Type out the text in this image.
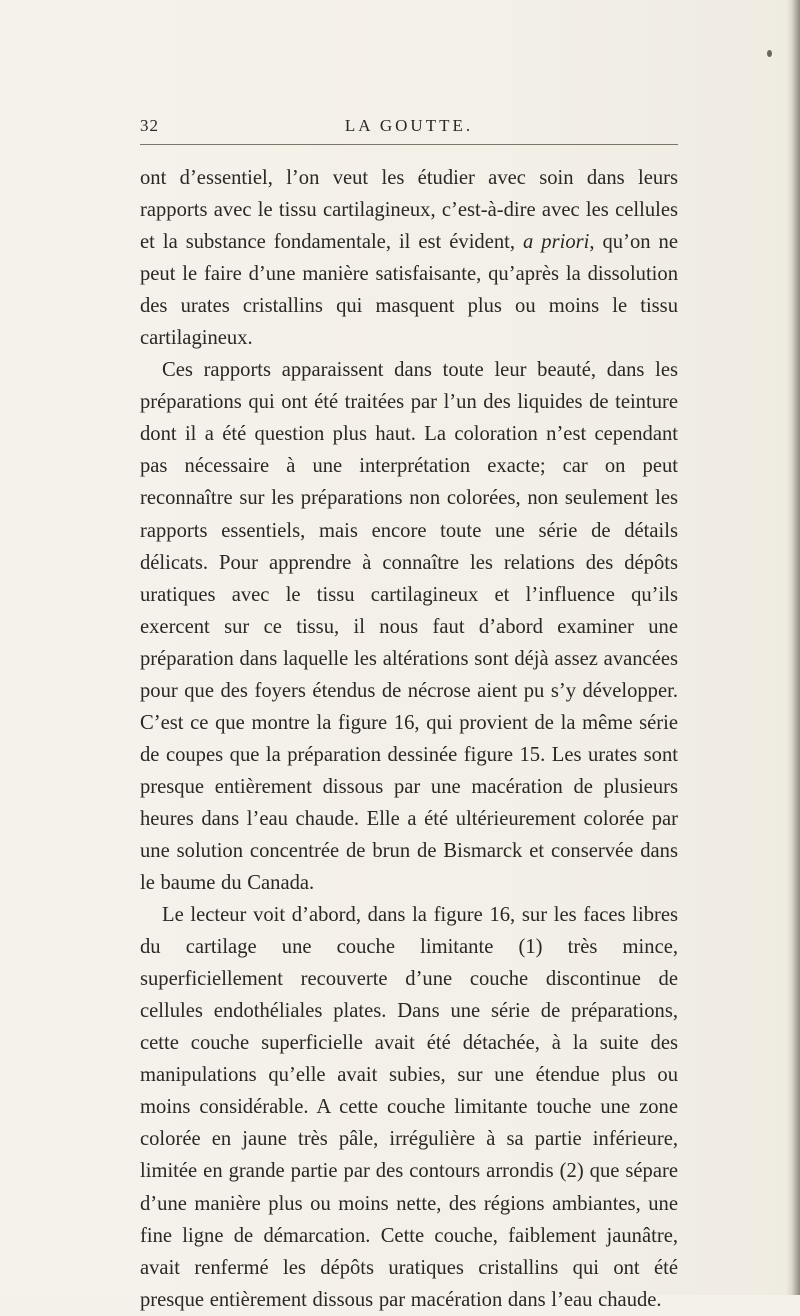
32	LA GOUTTE.

ont d’essentiel, l’on veut les étudier avec soin dans leurs rapports avec le tissu cartilagineux, c’est-à-dire avec les cellules et la substance fondamentale, il est évident, a priori, qu’on ne peut le faire d’une manière satisfaisante, qu’après la dissolution des urates cristallins qui masquent plus ou moins le tissu cartilagineux.

Ces rapports apparaissent dans toute leur beauté, dans les préparations qui ont été traitées par l’un des liquides de teinture dont il a été question plus haut. La coloration n’est cependant pas nécessaire à une interprétation exacte; car on peut reconnaître sur les préparations non colorées, non seulement les rapports essentiels, mais encore toute une série de détails délicats. Pour apprendre à connaître les relations des dépôts uratiques avec le tissu cartilagineux et l’influence qu’ils exercent sur ce tissu, il nous faut d’abord examiner une préparation dans laquelle les altérations sont déjà assez avancées pour que des foyers étendus de nécrose aient pu s’y développer. C’est ce que montre la figure 16, qui provient de la même série de coupes que la préparation dessinée figure 15. Les urates sont presque entièrement dissous par une macération de plusieurs heures dans l’eau chaude. Elle a été ultérieurement colorée par une solution concentrée de brun de Bismarck et conservée dans le baume du Canada.

Le lecteur voit d’abord, dans la figure 16, sur les faces libres du cartilage une couche limitante (1) très mince, superficiellement recouverte d’une couche discontinue de cellules endothéliales plates. Dans une série de préparations, cette couche superficielle avait été détachée, à la suite des manipulations qu’elle avait subies, sur une étendue plus ou moins considérable. A cette couche limitante touche une zone colorée en jaune très pâle, irrégulière à sa partie inférieure, limitée en grande partie par des contours arrondis (2) que sépare d’une manière plus ou moins nette, des régions ambiantes, une fine ligne de démarcation. Cette couche, faiblement jaunâtre, avait renfermé les dépôts uratiques cristallins qui ont été presque entièrement dissous par macération dans l’eau chaude.
